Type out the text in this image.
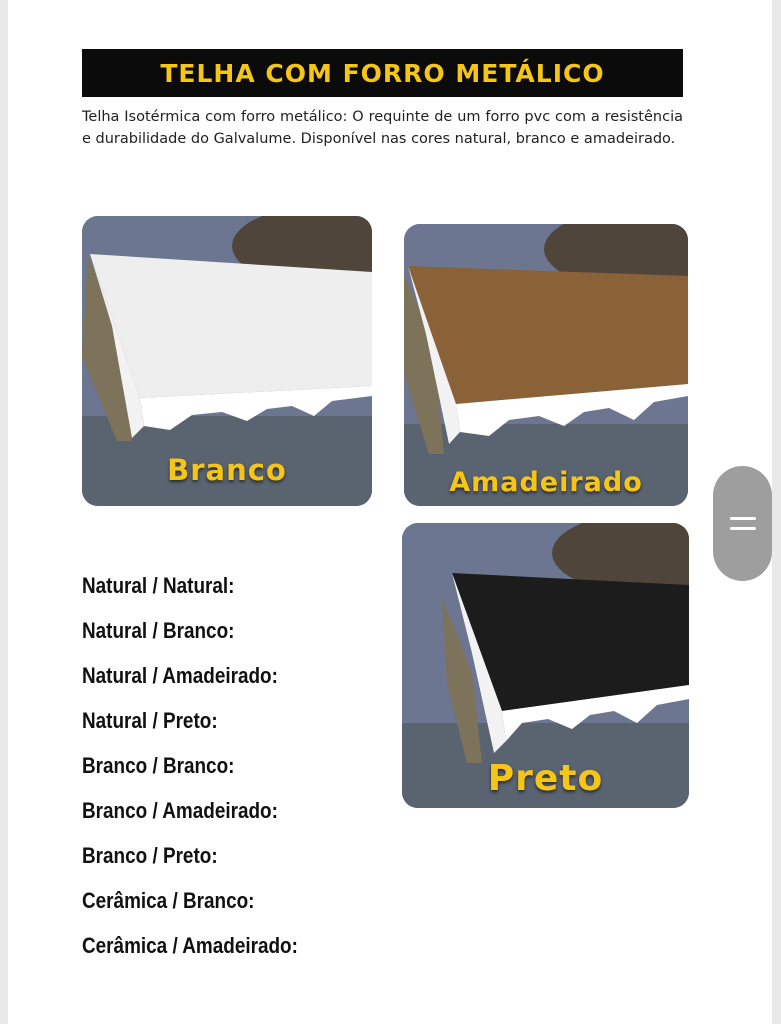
TELHA COM FORRO METÁLICO

Telha Isotérmica com forro metálico: O requinte de um forro pvc com a resistência e durabilidade do Galvalume. Disponível nas cores natural, branco e amadeirado.

Branco	Amadeirado
Preto
Natural / Natural:
Natural / Branco:
Natural / Amadeirado:
Natural / Preto:
Branco / Branco:
Branco / Amadeirado:
Branco / Preto:
Cerâmica / Branco:
Cerâmica / Amadeirado:
